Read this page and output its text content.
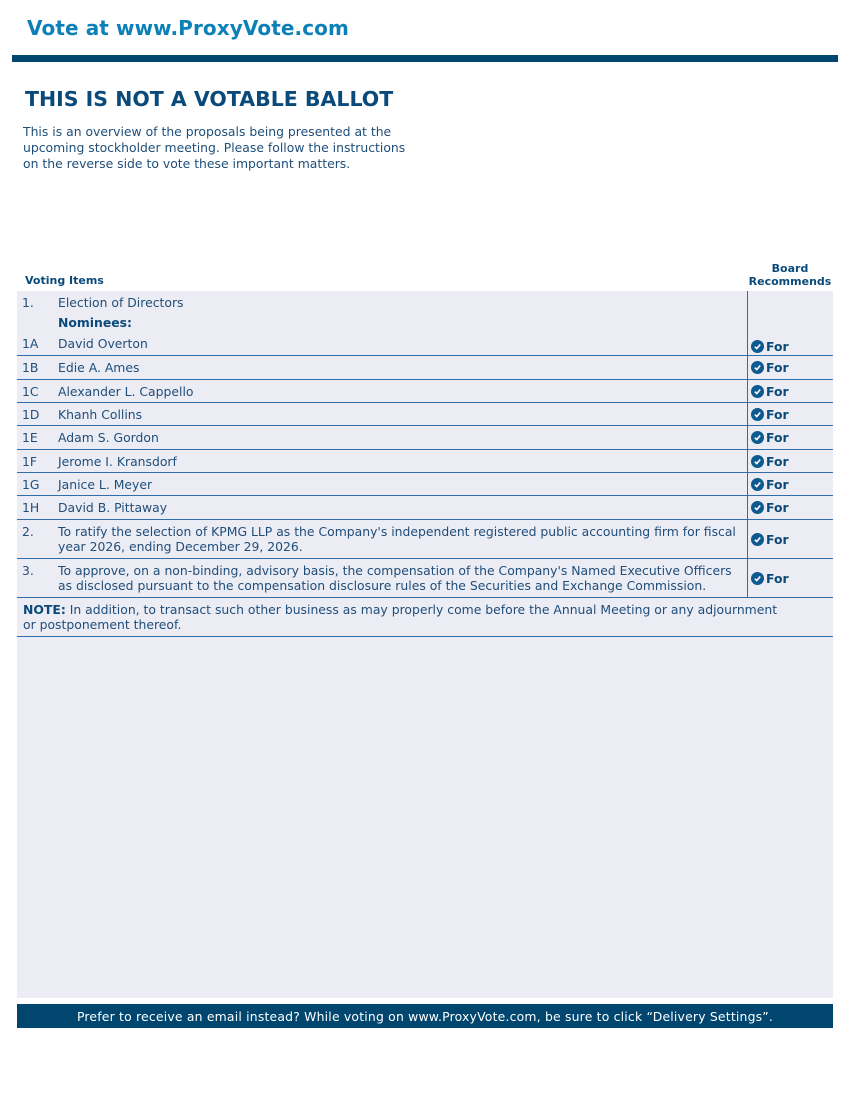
Vote at www.ProxyVote.com
THIS IS NOT A VOTABLE BALLOT

This is an overview of the proposals being presented at the upcoming stockholder meeting. Please follow the instructions on the reverse side to vote these important matters.

Voting Items
Board
Recommends
1. Election of Directors
Nominees:
1A David Overton	For
1B Edie A. Ames	For
1C Alexander L. Cappello	For
1D Khanh Collins	For
1E Adam S. Gordon	For
1F Jerome I. Kransdorf	For
1G Janice L. Meyer	For
1H David B. Pittaway	For
2. To ratify the selection of KPMG LLP as the Company's independent registered public accounting firm for fiscal year 2026, ending December 29, 2026.	For
3. To approve, on a non-binding, advisory basis, the compensation of the Company's Named Executive Officers as disclosed pursuant to the compensation disclosure rules of the Securities and Exchange Commission.	For
NOTE: In addition, to transact such other business as may properly come before the Annual Meeting or any adjournment or postponement thereof.
Prefer to receive an email instead? While voting on www.ProxyVote.com, be sure to click “Delivery Settings”.
